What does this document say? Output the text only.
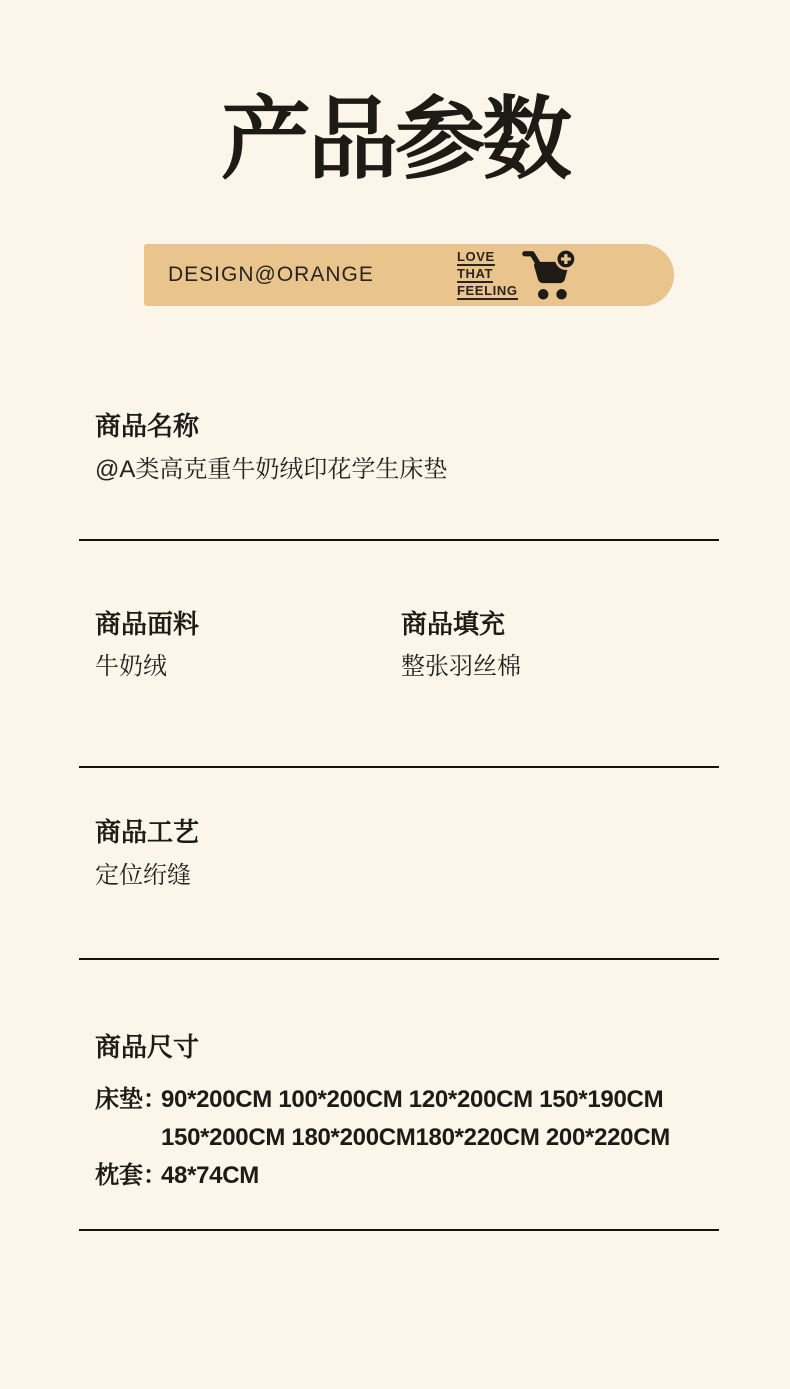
产品参数
DESIGN@ORANGE
LOVE
THAT
FEELING
商品名称

@A类高克重牛奶绒印花学生床垫

商品面料

牛奶绒

商品填充

整张羽丝棉

商品工艺

定位绗缝

商品尺寸
床垫：
90*200CM 100*200CM 120*200CM 150*190CM
150*200CM 180*200CM180*220CM 200*220CM
枕套：
48*74CM
